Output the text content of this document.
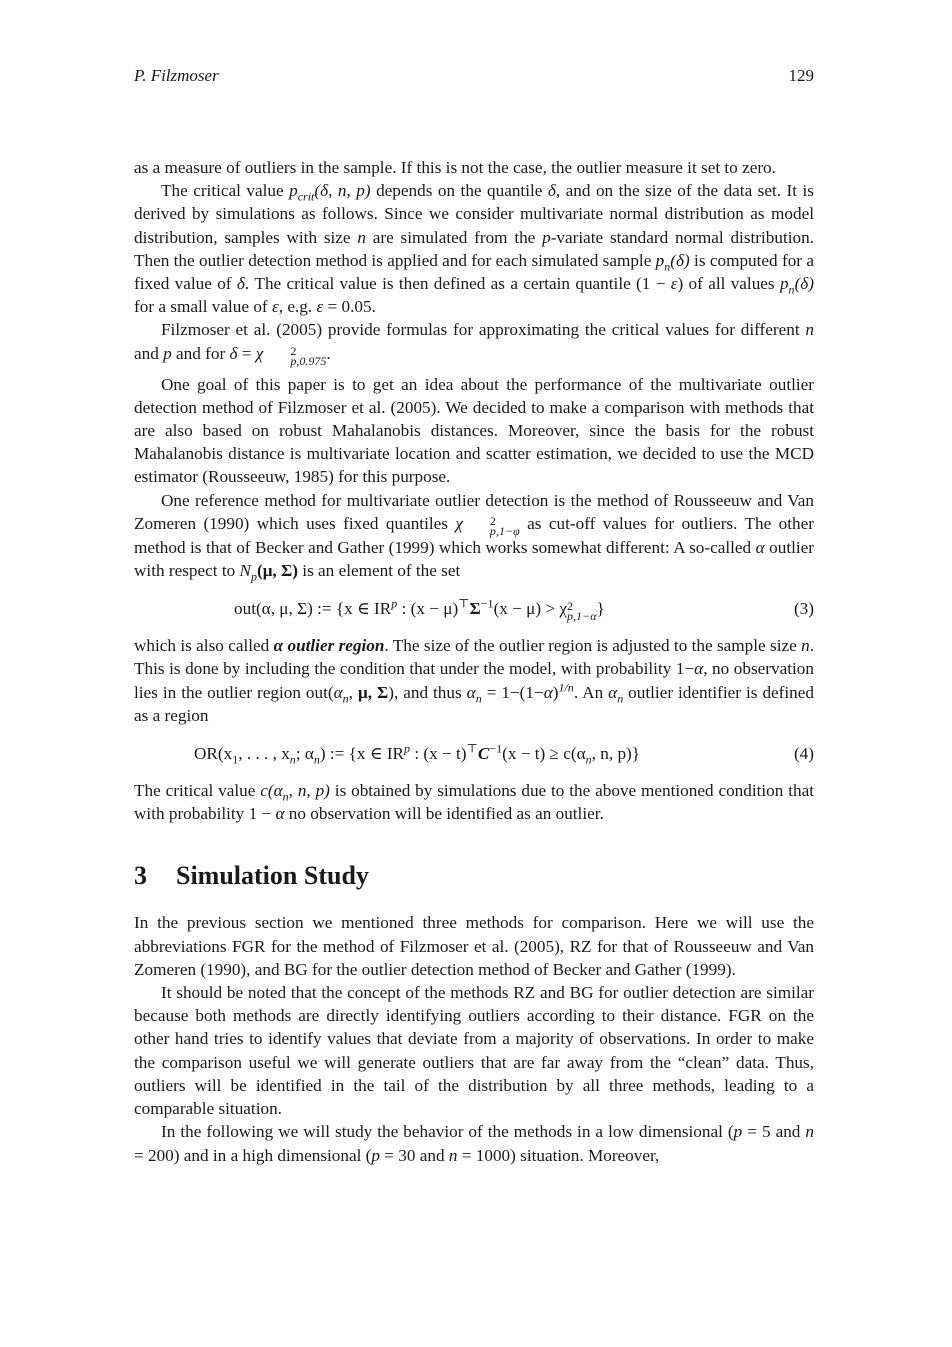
P. Filzmoser	129

as a measure of outliers in the sample. If this is not the case, the outlier measure it set to zero.

The critical value $p_{crit}(\delta$, n, p) depends on the quantile δ, and on the size of the data set. It is derived by simulations as follows. Since we consider multivariate normal distribution as model distribution, samples with size n are simulated from the p-variate standard normal distribution. Then the outlier detection method is applied and for each simulated sample $p_n(\delta)$ is computed for a fixed value of δ. The critical value is then defined as a certain quantile (1 − ε) of all values $p_n(\delta)$ for a small value of ε, e.g. ε = 0.05.

Filzmoser et al. (2005) provide formulas for approximating the critical values for different n and p and for δ = χ	2
p,0.975 .

One goal of this paper is to get an idea about the performance of the multivariate outlier detection method of Filzmoser et al. (2005). We decided to make a comparison with methods that are also based on robust Mahalanobis distances. Moreover, since the basis for the robust Mahalanobis distance is multivariate location and scatter estimation, we decided to use the MCD estimator (Rousseeuw, 1985) for this purpose.

One reference method for multivariate outlier detection is the method of Rousseeuw and Van Zomeren (1990) which uses fixed quantiles χ	2
p,1−φ as cut-off values for outliers. The other method is that of Becker and Gather (1999) which works somewhat different: A so-called α outlier with respect to $N_p(\mu$, Σ) is an element of the set

out(α, μ, Σ) := {x ∈ $IR^p$ : $(x - \mu)^⊤\Sigma^{-1}(x - \mu) > \chi$ 2
p,1−α }	(3)

which is also called α outlier region. The size of the outlier region is adjusted to the sample size n. This is done by including the condition that under the model, with probability 1−α, no observation lies in the outlier region $out(\alpha_n$, μ, Σ), and thus $\alpha_n = 1-(1-\alpha)^{1/n}$. An $\alpha_n$ outlier identifier is defined as a region

$OR(x_1$, . . . , $x_n$; $\alpha_n$) := {x ∈ $IR^p$ : $(x - t)^⊤C^{-1}(x - t) \ge c(\alpha_n$, n, p)}	(4)

The critical value $c(\alpha_n$, n, p) is obtained by simulations due to the above mentioned condition that with probability 1 − α no observation will be identified as an outlier.

3 Simulation Study

In the previous section we mentioned three methods for comparison. Here we will use the abbreviations FGR for the method of Filzmoser et al. (2005), RZ for that of Rousseeuw and Van Zomeren (1990), and BG for the outlier detection method of Becker and Gather (1999).

It should be noted that the concept of the methods RZ and BG for outlier detection are similar because both methods are directly identifying outliers according to their distance. FGR on the other hand tries to identify values that deviate from a majority of observations. In order to make the comparison useful we will generate outliers that are far away from the “clean” data. Thus, outliers will be identified in the tail of the distribution by all three methods, leading to a comparable situation.

In the following we will study the behavior of the methods in a low dimensional (p = 5 and n = 200) and in a high dimensional (p = 30 and n = 1000) situation. Moreover,
